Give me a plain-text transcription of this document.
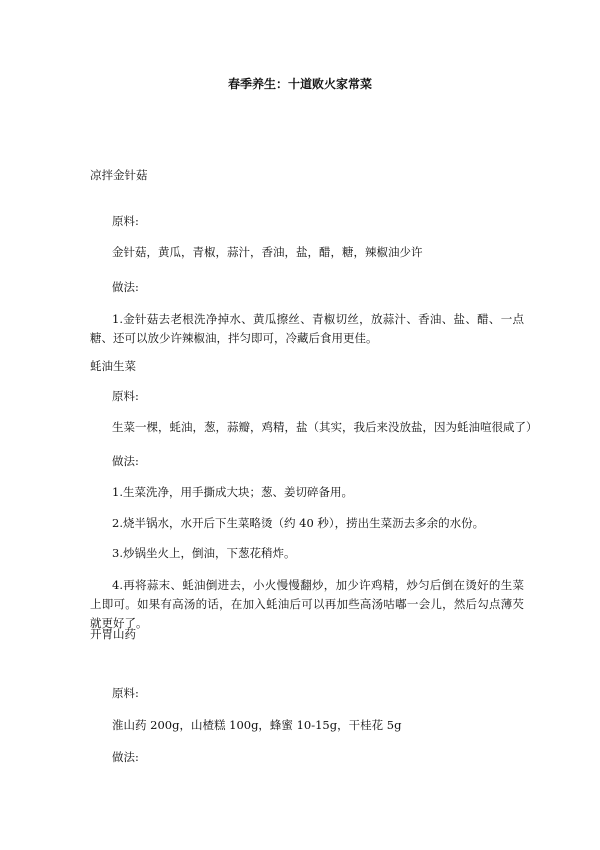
春季养生：十道败火家常菜
凉拌金针菇
原料:
金针菇，黄瓜，青椒，蒜汁，香油，盐，醋，糖，辣椒油少许
做法:
1.金针菇去老根洗净掉水、黄瓜擦丝、青椒切丝，放蒜汁、香油、盐、醋、一点糖、还可以放少许辣椒油，拌匀即可，冷藏后食用更佳。
蚝油生菜
原料:
生菜一棵，蚝油，葱，蒜瓣，鸡精，盐（其实，我后来没放盐，因为蚝油喧很咸了）
做法:
1.生菜洗净，用手撕成大块；葱、姜切碎备用。
2.烧半锅水，水开后下生菜略烫（约 40 秒），捞出生菜沥去多余的水份。
3.炒锅坐火上，倒油，下葱花稍炸。
4.再将蒜末、蚝油倒进去，小火慢慢翻炒，加少许鸡精，炒匀后倒在烫好的生菜上即可。如果有高汤的话，在加入蚝油后可以再加些高汤咕嘟一会儿，然后勾点薄芡就更好了。
开胃山药
原料:
淮山药 200g，山楂糕 100g，蜂蜜 10-15g，干桂花 5g
做法:
